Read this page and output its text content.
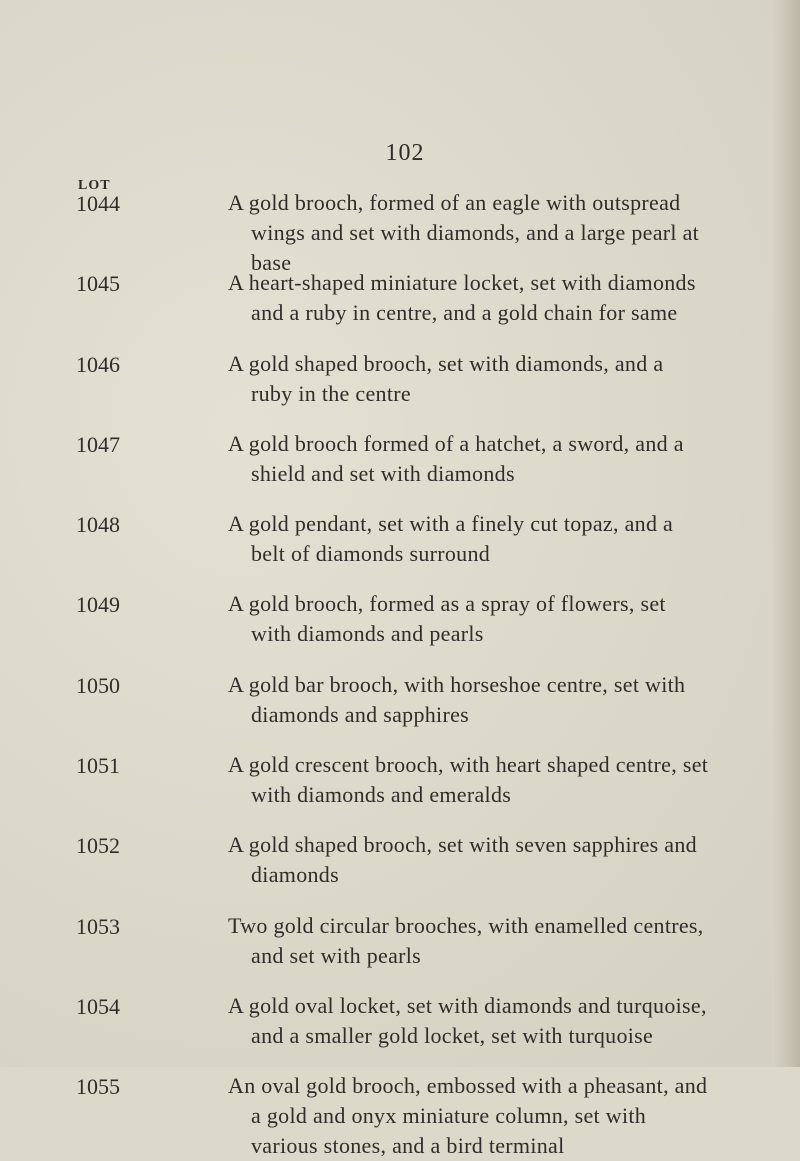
102
LOT
1044	A gold brooch, formed of an eagle with outspread wings and set with diamonds, and a large pearl at base

1045	A heart-shaped miniature locket, set with diamonds and a ruby in centre, and a gold chain for same

1046	A gold shaped brooch, set with diamonds, and a ruby in the centre

1047	A gold brooch formed of a hatchet, a sword, and a shield and set with diamonds

1048	A gold pendant, set with a finely cut topaz, and a belt of diamonds surround

1049	A gold brooch, formed as a spray of flowers, set with diamonds and pearls

1050	A gold bar brooch, with horseshoe centre, set with diamonds and sapphires

1051	A gold crescent brooch, with heart shaped centre, set with diamonds and emeralds

1052	A gold shaped brooch, set with seven sapphires and diamonds

1053	Two gold circular brooches, with enamelled centres, and set with pearls

1054	A gold oval locket, set with diamonds and turquoise, and a smaller gold locket, set with turquoise

1055	An oval gold brooch, embossed with a pheasant, and a gold and onyx miniature column, set with various stones, and a bird terminal
